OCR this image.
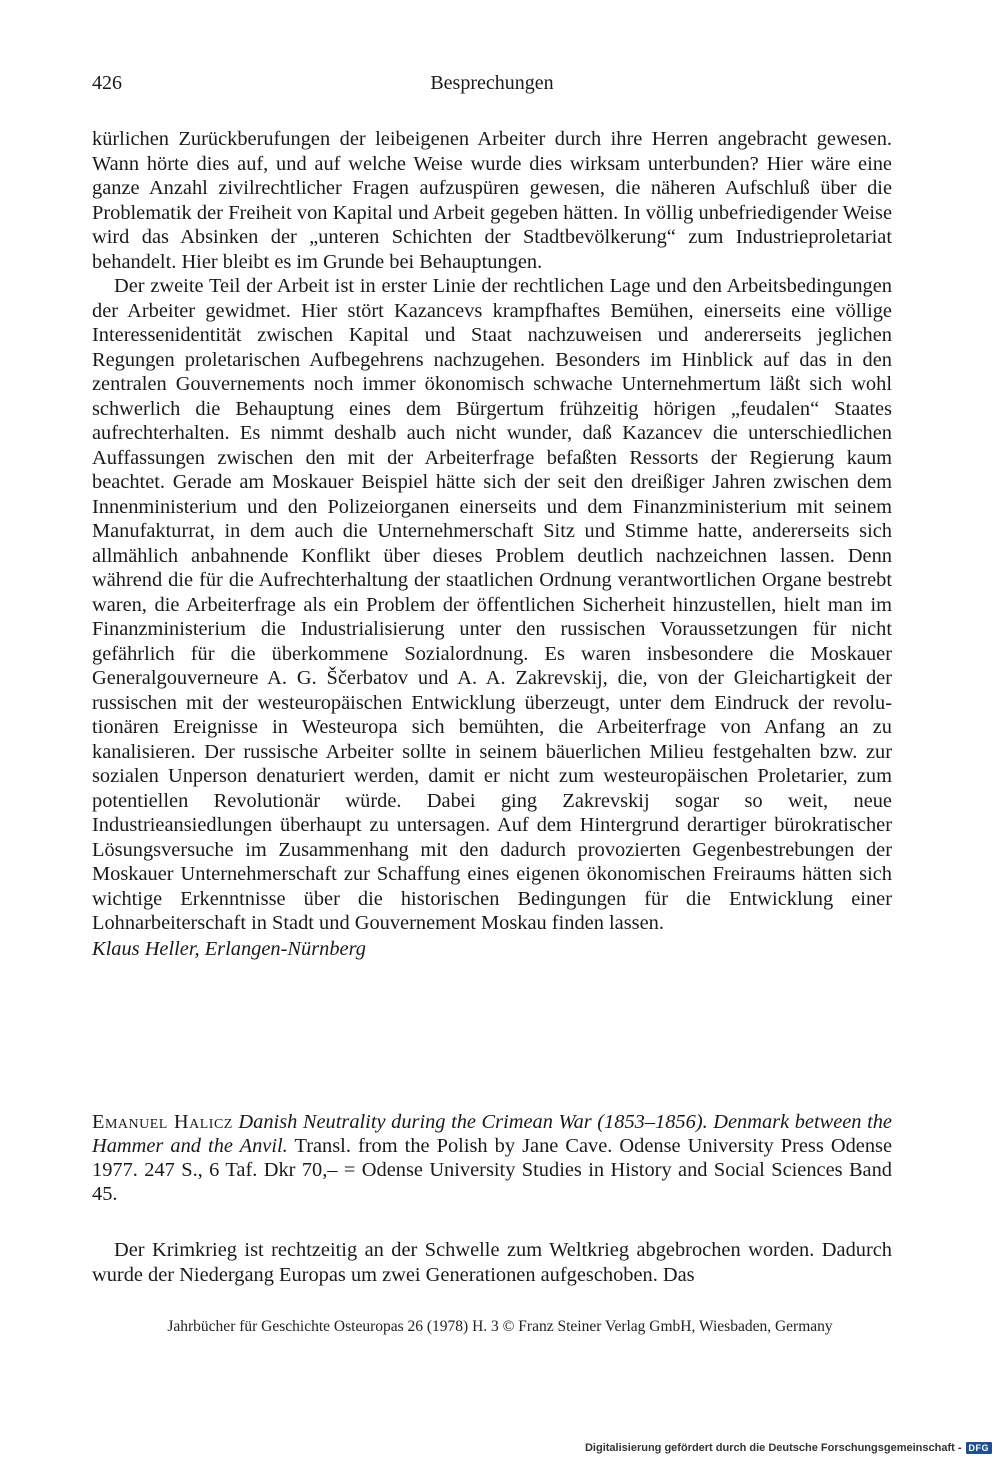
426	Besprechungen

kürlichen Zurückberufungen der leibeigenen Arbeiter durch ihre Herren angebracht gewesen. Wann hörte dies auf, und auf welche Weise wurde dies wirksam unterbunden? Hier wäre eine ganze Anzahl zivilrechtlicher Fragen aufzuspüren gewesen, die näheren Aufschluß über die Problematik der Freiheit von Kapital und Arbeit gegeben hätten. In völlig unbefriedigender Weise wird das Absinken der „unteren Schichten der Stadtbevölkerung“ zum Industrieproletariat behandelt. Hier bleibt es im Grunde bei Behauptungen.

Der zweite Teil der Arbeit ist in erster Linie der rechtlichen Lage und den Arbeitsbedingungen der Arbeiter gewidmet. Hier stört Kazancevs krampfhaftes Bemühen, einerseits eine völlige Interessenidentität zwischen Kapital und Staat nachzuweisen und andererseits jeglichen Regungen proletarischen Aufbegehrens nachzugehen. Besonders im Hinblick auf das in den zentralen Gouvernements noch immer ökonomisch schwache Unternehmertum läßt sich wohl schwerlich die Behauptung eines dem Bürgertum frühzeitig hörigen „feudalen“ Staates aufrechterhalten. Es nimmt deshalb auch nicht wunder, daß Kazancev die unterschiedlichen Auffassungen zwischen den mit der Arbeiterfrage befaßten Ressorts der Regierung kaum beachtet. Gerade am Moskauer Beispiel hätte sich der seit den dreißiger Jahren zwischen dem Innenministerium und den Polizeiorganen einerseits und dem Finanzministerium mit seinem Manufakturrat, in dem auch die Unternehmerschaft Sitz und Stimme hatte, andererseits sich allmählich anbahnende Konflikt über dieses Problem deutlich nachzeichnen lassen. Denn während die für die Aufrechterhaltung der staatlichen Ordnung verantwortlichen Organe bestrebt waren, die Arbeiterfrage als ein Problem der öffentlichen Sicherheit hinzustellen, hielt man im Finanzministerium die Industrialisierung unter den russischen Voraussetzungen für nicht gefährlich für die überkommene Sozialordnung. Es waren insbesondere die Moskauer Generalgouverneure A. G. Ščerbatov und A. A. Zakrevskij, die, von der Gleichartigkeit der russischen mit der westeuropäischen Entwicklung überzeugt, unter dem Eindruck der revolutionären Ereignisse in Westeuropa sich bemühten, die Arbeiterfrage von Anfang an zu kanalisieren. Der russische Arbeiter sollte in seinem bäuerlichen Milieu festgehalten bzw. zur sozialen Unperson denaturiert werden, damit er nicht zum westeuropäischen Proletarier, zum potentiellen Revolutionär würde. Dabei ging Zakrevskij sogar so weit, neue Industrieansiedlungen überhaupt zu untersagen. Auf dem Hintergrund derartiger bürokratischer Lösungsversuche im Zusammenhang mit den dadurch provozierten Gegenbestrebungen der Moskauer Unternehmerschaft zur Schaffung eines eigenen ökonomischen Freiraums hätten sich wichtige Erkenntnisse über die historischen Bedingungen für die Entwicklung einer Lohnarbeiterschaft in Stadt und Gouvernement Moskau finden lassen.

Klaus Heller, Erlangen-Nürnberg

Emanuel Halicz Danish Neutrality during the Crimean War (1853–1856). Denmark between the Hammer and the Anvil. Transl. from the Polish by Jane Cave. Odense University Press Odense 1977. 247 S., 6 Taf. Dkr 70,– = Odense University Studies in History and Social Sciences Band 45.

Der Krimkrieg ist rechtzeitig an der Schwelle zum Weltkrieg abgebrochen worden. Dadurch wurde der Niedergang Europas um zwei Generationen aufgeschoben. Das

Jahrbücher für Geschichte Osteuropas 26 (1978) H. 3 © Franz Steiner Verlag GmbH, Wiesbaden, Germany
Digitalisierung gefördert durch die Deutsche Forschungsgemeinschaft - DFG
